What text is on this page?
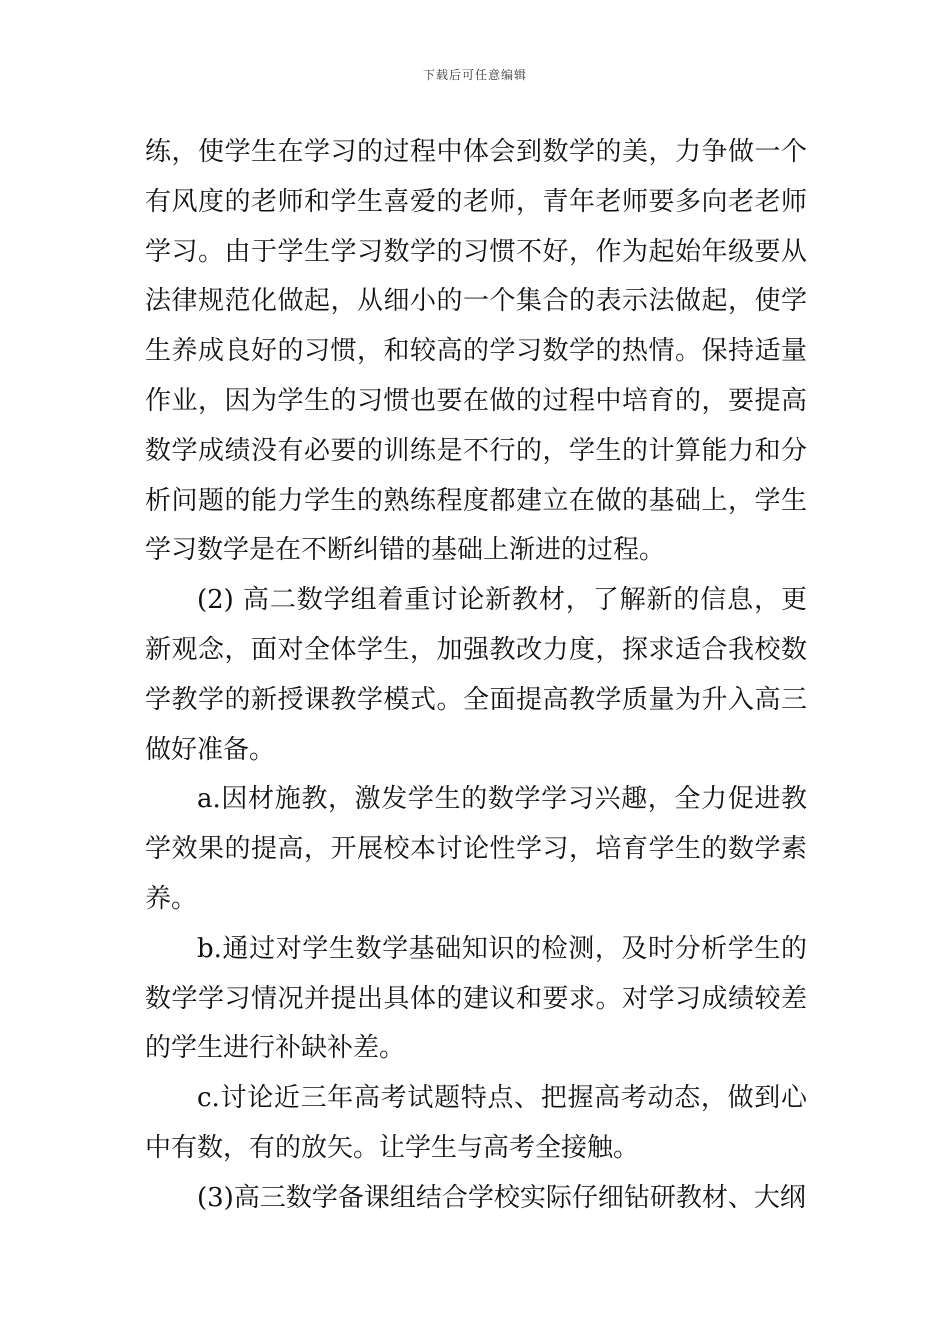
下载后可任意编辑

练，使学生在学习的过程中体会到数学的美，力争做一个有风度的老师和学生喜爱的老师，青年老师要多向老老师学习。由于学生学习数学的习惯不好，作为起始年级要从法律规范化做起，从细小的一个集合的表示法做起，使学生养成良好的习惯，和较高的学习数学的热情。保持适量作业，因为学生的习惯也要在做的过程中培育的，要提高数学成绩没有必要的训练是不行的，学生的计算能力和分析问题的能力学生的熟练程度都建立在做的基础上，学生学习数学是在不断纠错的基础上渐进的过程。

(2) 高二数学组着重讨论新教材，了解新的信息，更新观念，面对全体学生，加强教改力度，探求适合我校数学教学的新授课教学模式。全面提高教学质量为升入高三做好准备。

a.因材施教，激发学生的数学学习兴趣，全力促进教学效果的提高，开展校本讨论性学习，培育学生的数学素养。

b.通过对学生数学基础知识的检测，及时分析学生的数学学习情况并提出具体的建议和要求。对学习成绩较差的学生进行补缺补差。

c.讨论近三年高考试题特点、把握高考动态，做到心中有数，有的放矢。让学生与高考全接触。

(3)高三数学备课组结合学校实际仔细钻研教材、大纲
